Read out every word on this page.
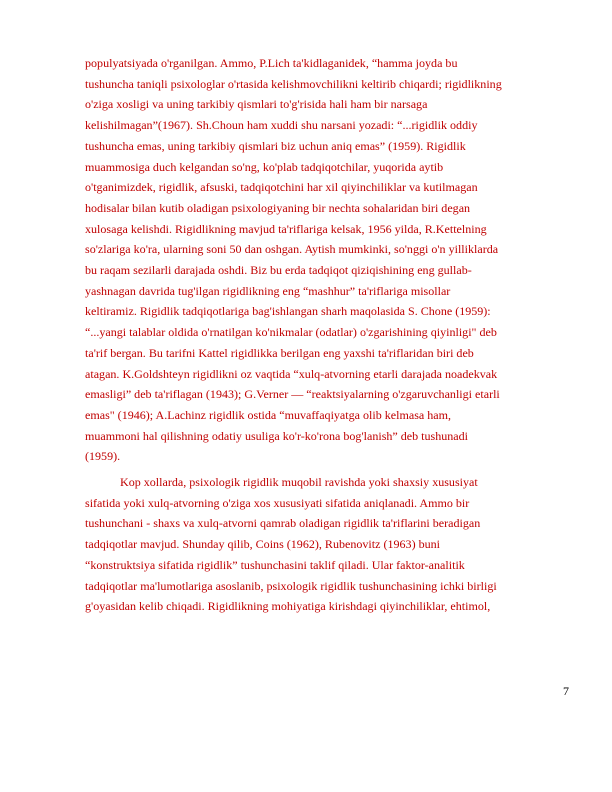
populyatsiyada o'rganilgan. Ammo, P.Lich ta'kidlaganidek, “hamma joyda bu
tushuncha taniqli psixologlar o'rtasida kelishmovchilikni keltirib chiqardi; rigidlikning
o'ziga xosligi va uning tarkibiy qismlari to'g'risida hali ham bir narsaga
kelishilmagan”(1967). Sh.Choun ham xuddi shu narsani yozadi: “...rigidlik oddiy
tushuncha emas, uning tarkibiy qismlari biz uchun aniq emas” (1959). Rigidlik
muammosiga duch kelgandan so'ng, ko'plab tadqiqotchilar, yuqorida aytib
o'tganimizdek, rigidlik, afsuski, tadqiqotchini har xil qiyinchiliklar va kutilmagan
hodisalar bilan kutib oladigan psixologiyaning bir nechta sohalaridan biri degan
xulosaga kelishdi. Rigidlikning mavjud ta'riflariga kelsak, 1956 yilda, R.Kettelning
so'zlariga ko'ra, ularning soni 50 dan oshgan. Aytish mumkinki, so'nggi o'n yilliklarda
bu raqam sezilarli darajada oshdi. Biz bu erda tadqiqot qiziqishining eng gullab-
yashnagan davrida tug'ilgan rigidlikning eng “mashhur” ta'riflariga misollar
keltiramiz. Rigidlik tadqiqotlariga bag'ishlangan sharh maqolasida S. Chone (1959):
“...yangi talablar oldida o'rnatilgan ko'nikmalar (odatlar) o'zgarishining qiyinligi" deb
ta'rif bergan. Bu tarifni Kattel rigidlikka berilgan eng yaxshi ta'riflaridan biri deb
atagan. K.Goldshteyn rigidlikni oz vaqtida “xulq-atvorning etarli darajada noadekvak
emasligi” deb ta'riflagan (1943); G.Verner — “reaktsiyalarning o'zgaruvchanligi etarli
emas" (1946); A.Lachinz rigidlik ostida “muvaffaqiyatga olib kelmasa ham,
muammoni hal qilishning odatiy usuliga ko'r-ko'rona bog'lanish” deb tushunadi
(1959).
Kop xollarda, psixologik rigidlik muqobil ravishda yoki shaxsiy xususiyat
sifatida yoki xulq-atvorning o'ziga xos xususiyati sifatida aniqlanadi. Ammo bir
tushunchani - shaxs va xulq-atvorni qamrab oladigan rigidlik ta'riflarini beradigan
tadqiqotlar mavjud. Shunday qilib, Coins (1962), Rubenovitz (1963) buni
“konstruktsiya sifatida rigidlik” tushunchasini taklif qiladi. Ular faktor-analitik
tadqiqotlar ma'lumotlariga asoslanib, psixologik rigidlik tushunchasining ichki birligi
g'oyasidan kelib chiqadi. Rigidlikning mohiyatiga kirishdagi qiyinchiliklar, ehtimol,
7
